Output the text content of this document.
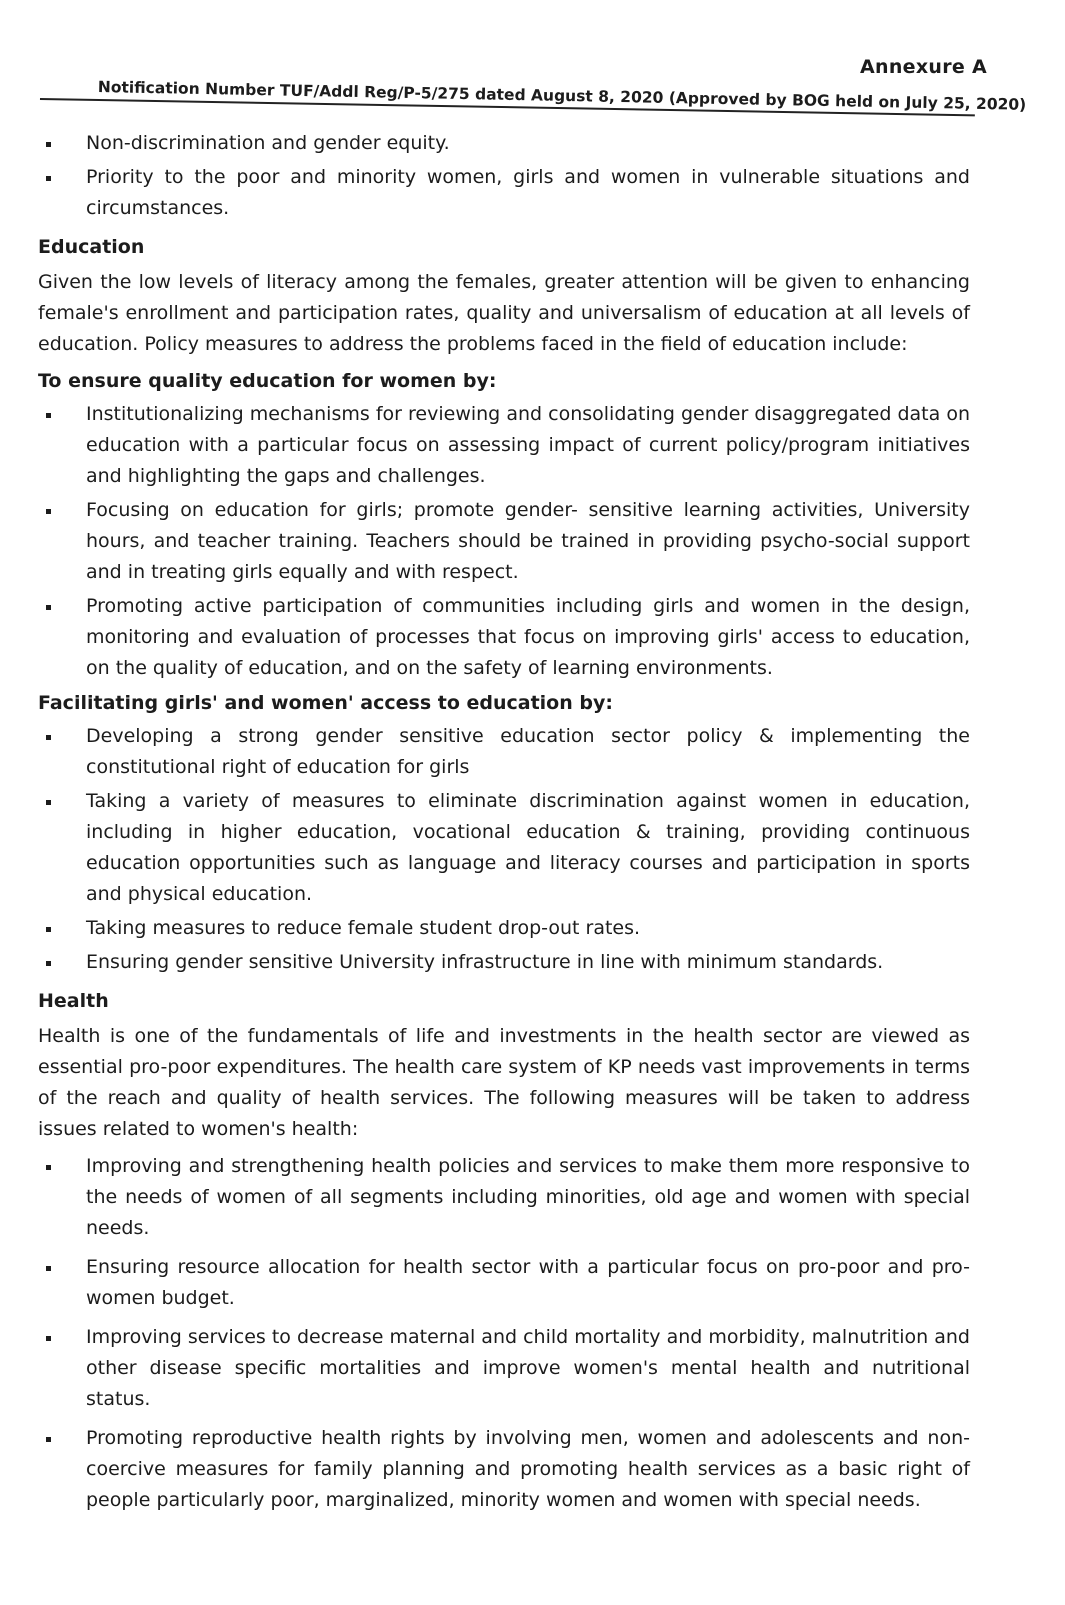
Annexure A
Notification Number TUF/Addl Reg/P-5/275 dated August 8, 2020 (Approved by BOG held on July 25, 2020)
Non-discrimination and gender equity.
Priority to the poor and minority women, girls and women in vulnerable situations and circumstances.
Education
Given the low levels of literacy among the females, greater attention will be given to enhancing female's enrollment and participation rates, quality and universalism of education at all levels of education. Policy measures to address the problems faced in the field of education include:
To ensure quality education for women by:
Institutionalizing mechanisms for reviewing and consolidating gender disaggregated data on education with a particular focus on assessing impact of current policy/program initiatives and highlighting the gaps and challenges.
Focusing on education for girls; promote gender- sensitive learning activities, University hours, and teacher training. Teachers should be trained in providing psycho-social support and in treating girls equally and with respect.
Promoting active participation of communities including girls and women in the design, monitoring and evaluation of processes that focus on improving girls' access to education, on the quality of education, and on the safety of learning environments.
Facilitating girls' and women' access to education by:
Developing a strong gender sensitive education sector policy & implementing the constitutional right of education for girls
Taking a variety of measures to eliminate discrimination against women in education, including in higher education, vocational education & training, providing continuous education opportunities such as language and literacy courses and participation in sports and physical education.
Taking measures to reduce female student drop-out rates.
Ensuring gender sensitive University infrastructure in line with minimum standards.
Health
Health is one of the fundamentals of life and investments in the health sector are viewed as essential pro-poor expenditures. The health care system of KP needs vast improvements in terms of the reach and quality of health services. The following measures will be taken to address issues related to women's health:
Improving and strengthening health policies and services to make them more responsive to the needs of women of all segments including minorities, old age and women with special needs.
Ensuring resource allocation for health sector with a particular focus on pro-poor and pro-women budget.
Improving services to decrease maternal and child mortality and morbidity, malnutrition and other disease specific mortalities and improve women's mental health and nutritional status.
Promoting reproductive health rights by involving men, women and adolescents and non-coercive measures for family planning and promoting health services as a basic right of people particularly poor, marginalized, minority women and women with special needs.
